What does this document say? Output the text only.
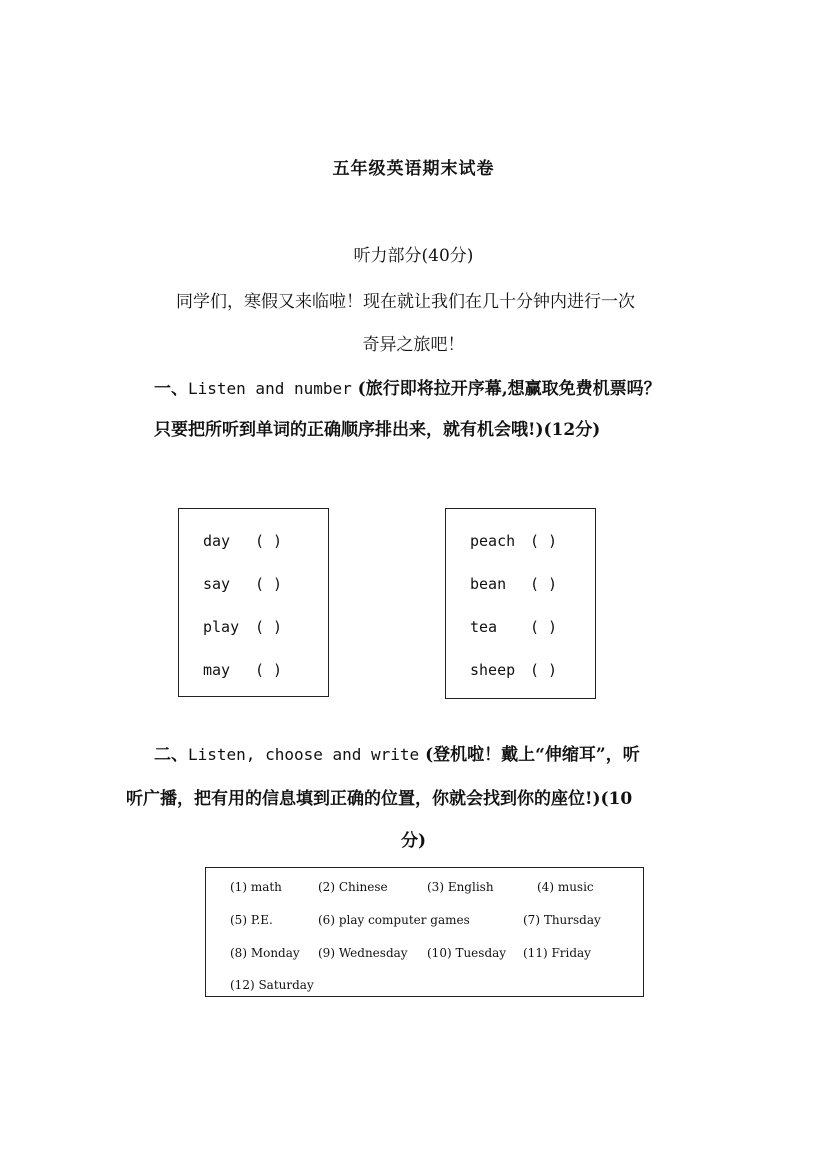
五年级英语期末试卷
听力部分(40分)
同学们，寒假又来临啦！现在就让我们在几十分钟内进行一次
奇异之旅吧！
一、Listen and number (旅行即将拉开序幕,想赢取免费机票吗？
只要把所听到单词的正确顺序排出来，就有机会哦!)(12分)
day ( )
say ( )
play ( )
may ( )
peach ( )
bean ( )
tea ( )
sheep ( )
二、Listen, choose and write (登机啦！戴上“伸缩耳”，听
听广播，把有用的信息填到正确的位置，你就会找到你的座位!)(10
分)
(1) math	(2) Chinese	(3) English	(4) music
(5) P.E.	(6) play computer games	(7) Thursday
(8) Monday (9) Wednesday (10) Tuesday (11) Friday
(12) Saturday
